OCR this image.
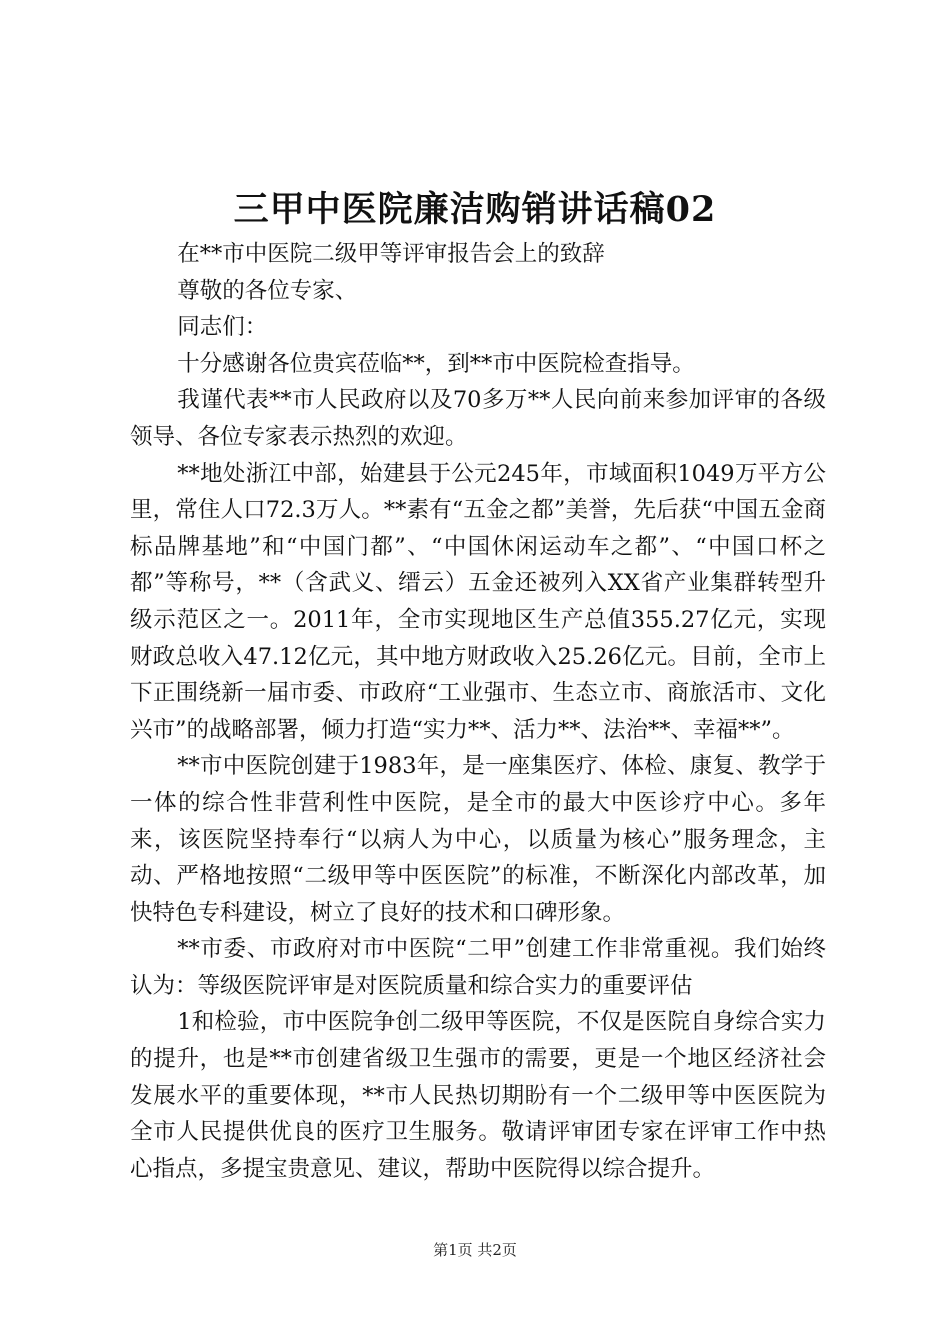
三甲中医院廉洁购销讲话稿02

在**市中医院二级甲等评审报告会上的致辞

尊敬的各位专家、

同志们：

十分感谢各位贵宾莅临**，到**市中医院检查指导。

我谨代表**市人民政府以及70多万**人民向前来参加评审的各级领导、各位专家表示热烈的欢迎。

**地处浙江中部，始建县于公元245年，市域面积1049万平方公里，常住人口72.3万人。**素有“五金之都”美誉，先后获“中国五金商标品牌基地”和“中国门都”、“中国休闲运动车之都”、“中国口杯之都”等称号，**（含武义、缙云）五金还被列入XX省产业集群转型升级示范区之一。2011年，全市实现地区生产总值355.27亿元，实现财政总收入47.12亿元，其中地方财政收入25.26亿元。目前，全市上下正围绕新一届市委、市政府“工业强市、生态立市、商旅活市、文化兴市”的战略部署，倾力打造“实力**、活力**、法治**、幸福**”。

**市中医院创建于1983年，是一座集医疗、体检、康复、教学于一体的综合性非营利性中医院，是全市的最大中医诊疗中心。多年来，该医院坚持奉行“以病人为中心，以质量为核心”服务理念，主动、严格地按照“二级甲等中医医院”的标准，不断深化内部改革，加快特色专科建设，树立了良好的技术和口碑形象。

**市委、市政府对市中医院“二甲”创建工作非常重视。我们始终认为：等级医院评审是对医院质量和综合实力的重要评估

1和检验，市中医院争创二级甲等医院，不仅是医院自身综合实力的提升，也是**市创建省级卫生强市的需要，更是一个地区经济社会发展水平的重要体现，**市人民热切期盼有一个二级甲等中医医院为全市人民提供优良的医疗卫生服务。敬请评审团专家在评审工作中热心指点，多提宝贵意见、建议，帮助中医院得以综合提升。

第1页 共2页
